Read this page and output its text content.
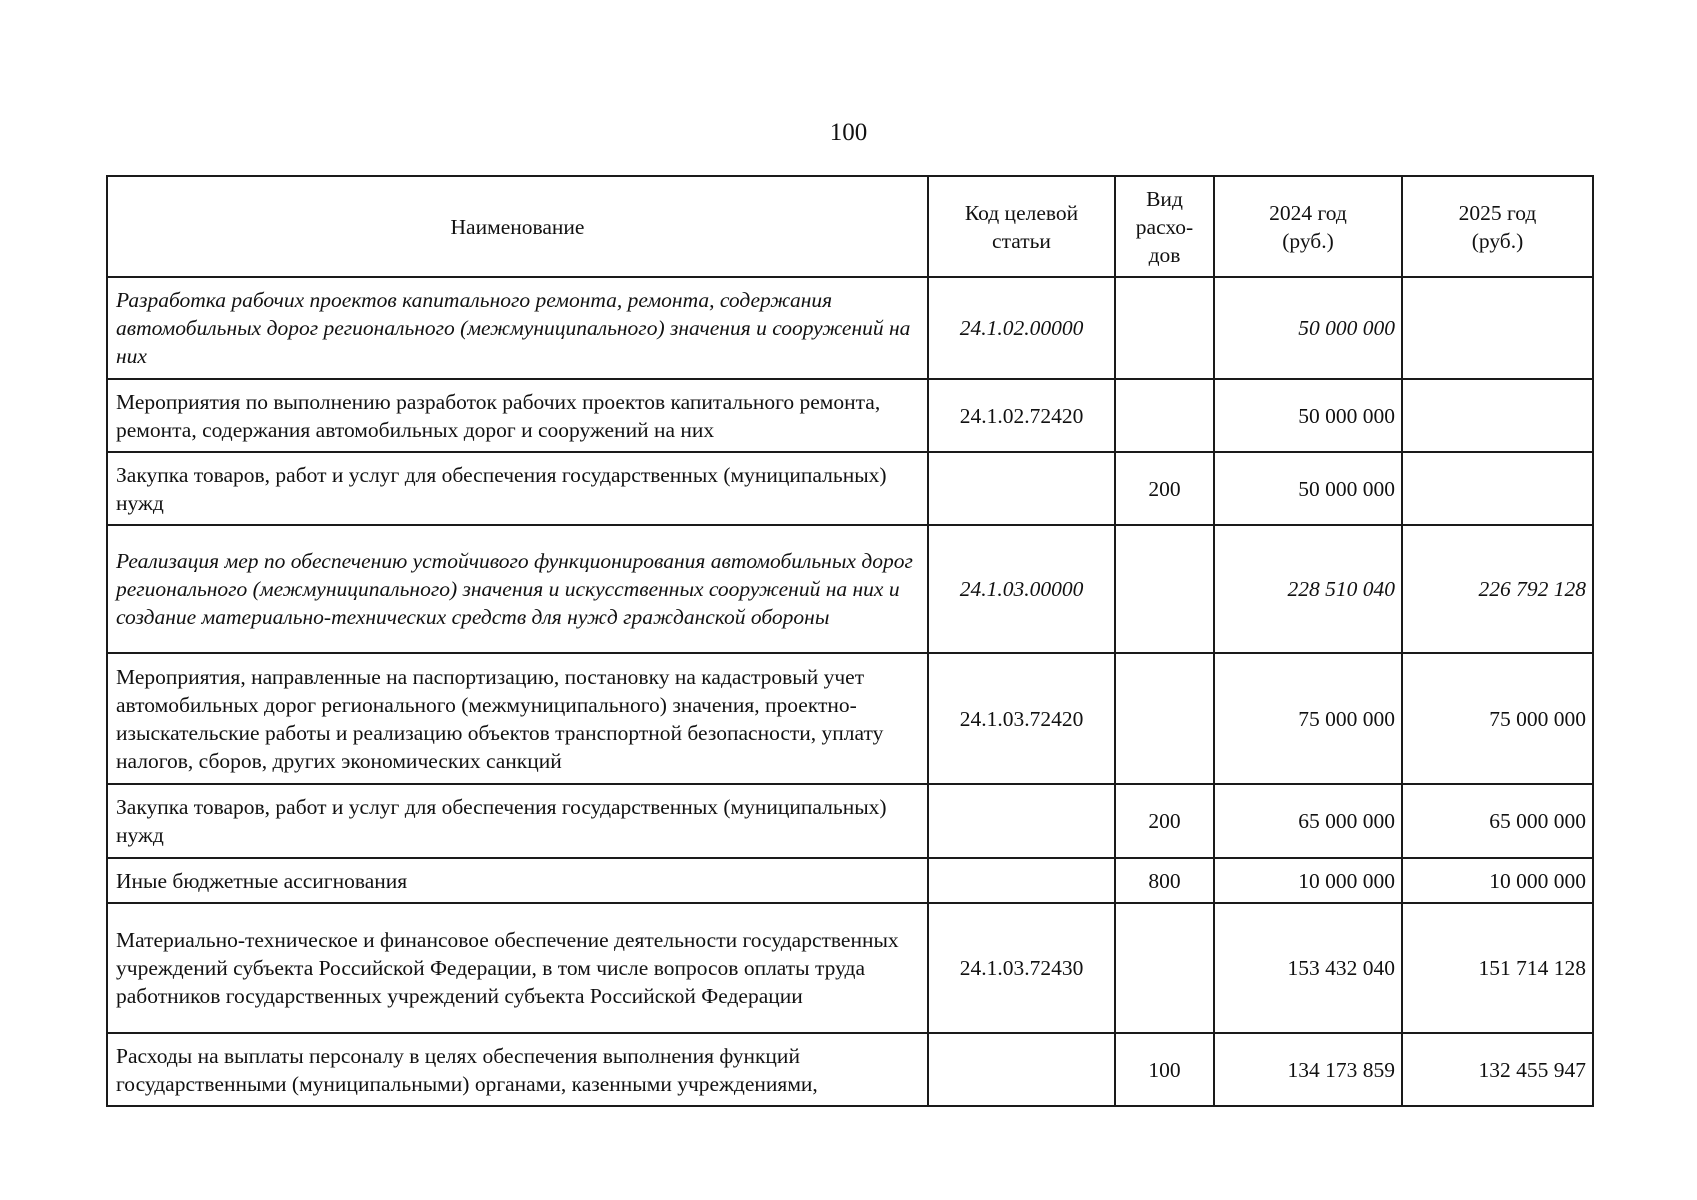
100
Наименование	Код целевой статьи	Вид расхо-дов	2024 год (руб.)	2025 год (руб.)
Разработка рабочих проектов капитального ремонта, ремонта, содержания автомобильных дорог регионального (межмуниципального) значения и сооружений на них	24.1.02.00000		50 000 000	
Мероприятия по выполнению разработок рабочих проектов капитального ремонта, ремонта, содержания автомобильных дорог и сооружений на них	24.1.02.72420		50 000 000	
Закупка товаров, работ и услуг для обеспечения государственных (муниципальных) нужд		200	50 000 000	
Реализация мер по обеспечению устойчивого функционирования автомобильных дорог регионального (межмуниципального) значения и искусственных сооружений на них и создание материально-технических средств для нужд гражданской обороны	24.1.03.00000		228 510 040	226 792 128
Мероприятия, направленные на паспортизацию, постановку на кадастровый учет автомобильных дорог регионального (межмуниципального) значения, проектно-изыскательские работы и реализацию объектов транспортной безопасности, уплату налогов, сборов, других экономических санкций	24.1.03.72420		75 000 000	75 000 000
Закупка товаров, работ и услуг для обеспечения государственных (муниципальных) нужд		200	65 000 000	65 000 000
Иные бюджетные ассигнования		800	10 000 000	10 000 000
Материально-техническое и финансовое обеспечение деятельности государственных учреждений субъекта Российской Федерации, в том числе вопросов оплаты труда работников государственных учреждений субъекта Российской Федерации	24.1.03.72430		153 432 040	151 714 128
Расходы на выплаты персоналу в целях обеспечения выполнения функций государственными (муниципальными) органами, казенными учреждениями,		100	134 173 859	132 455 947
